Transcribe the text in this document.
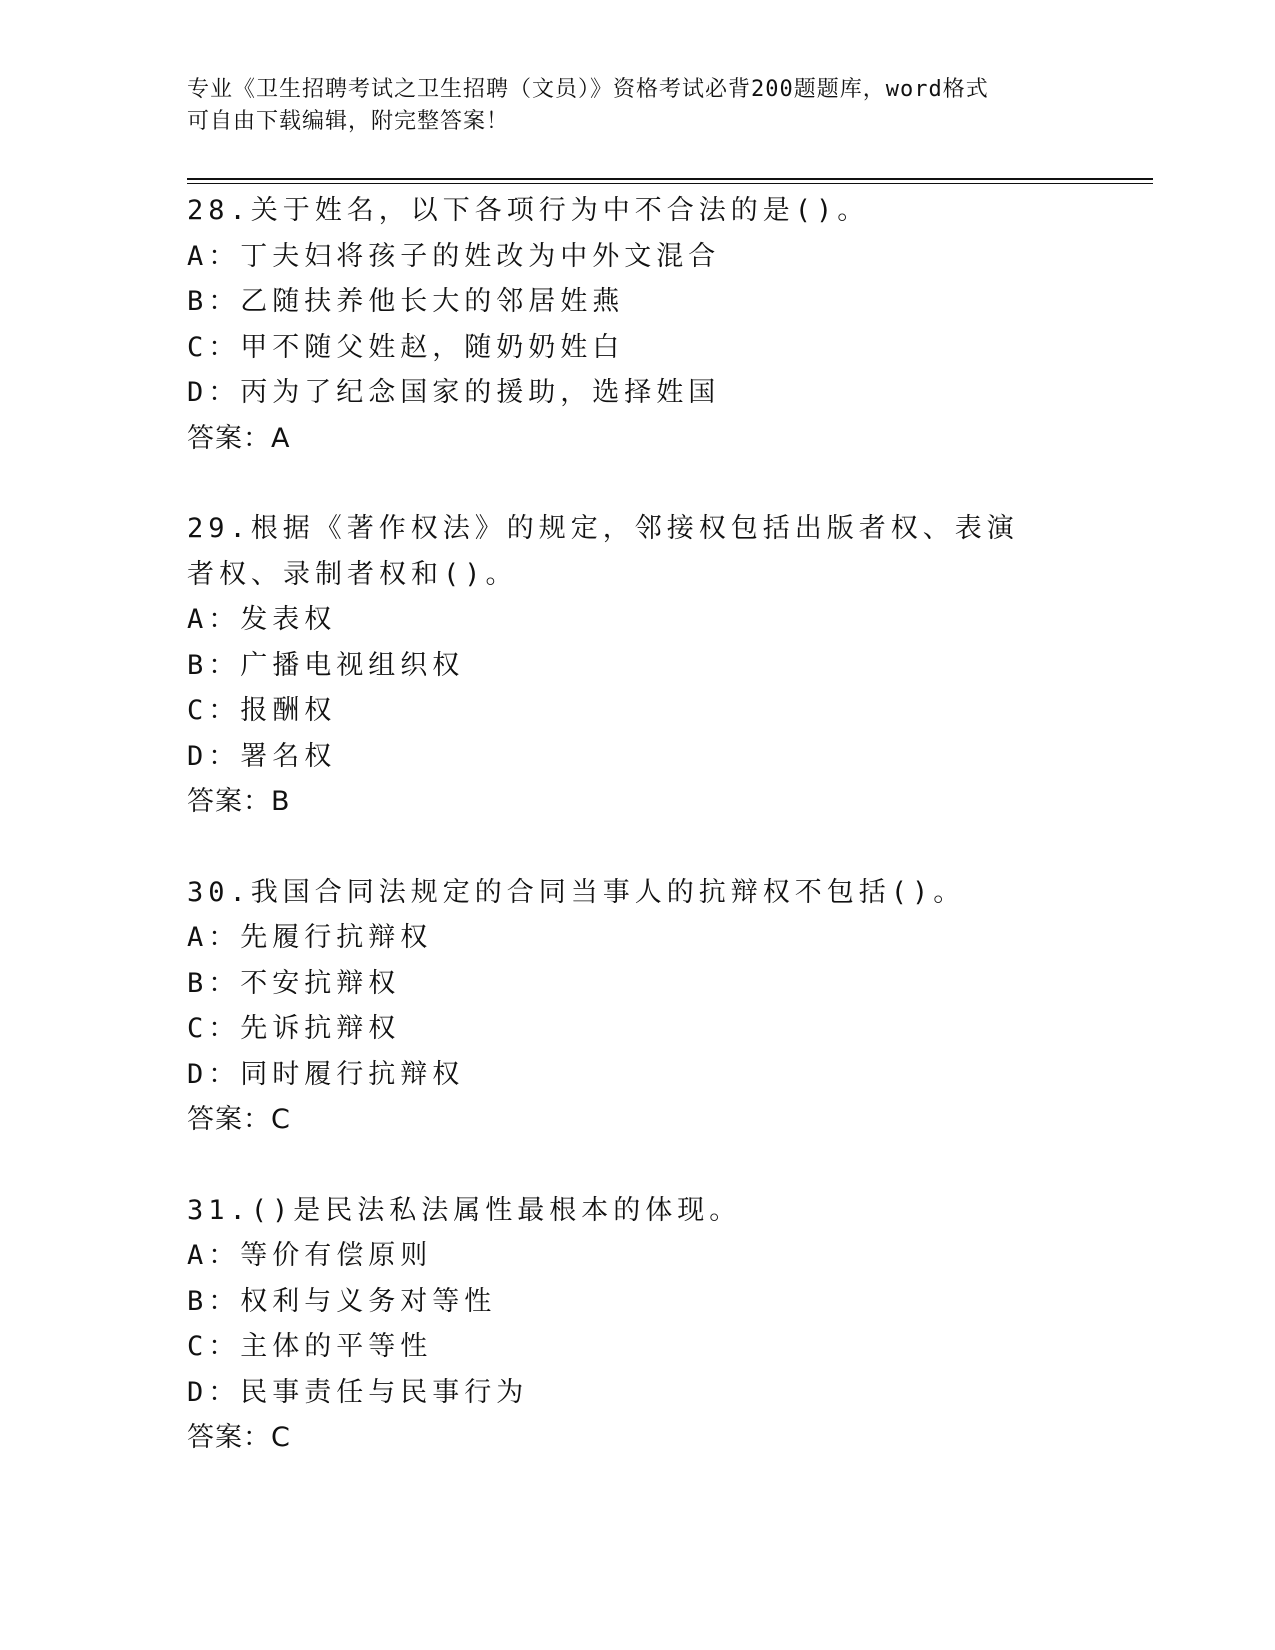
专业《卫生招聘考试之卫生招聘（文员）》资格考试必背200题题库，word格式
可自由下载编辑，附完整答案！
28.关于姓名，以下各项行为中不合法的是()。
A：丁夫妇将孩子的姓改为中外文混合
B：乙随扶养他长大的邻居姓燕
C：甲不随父姓赵，随奶奶姓白
D：丙为了纪念国家的援助，选择姓国
答案：A
29.根据《著作权法》的规定，邻接权包括出版者权、表演者权、录制者权和()。
A：发表权
B：广播电视组织权
C：报酬权
D：署名权
答案：B
30.我国合同法规定的合同当事人的抗辩权不包括()。
A：先履行抗辩权
B：不安抗辩权
C：先诉抗辩权
D：同时履行抗辩权
答案：C
31.()是民法私法属性最根本的体现。
A：等价有偿原则
B：权利与义务对等性
C：主体的平等性
D：民事责任与民事行为
答案：C
